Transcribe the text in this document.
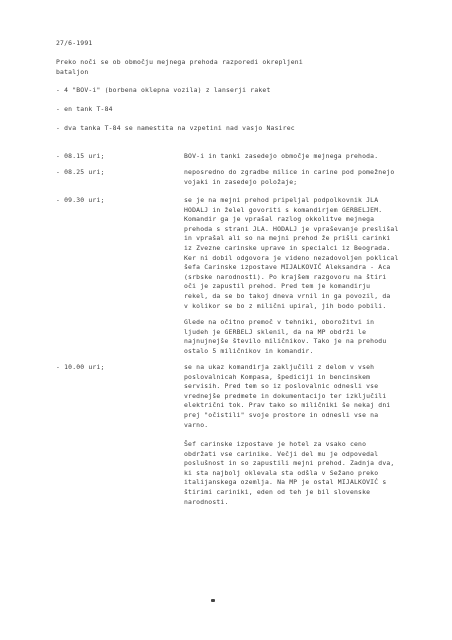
27/6-1991
Preko noči se ob območju mejnega prehoda razporedi okrepljeni
bataljon
- 4 "BOV-i" (borbena oklepna vozila) z lanserji raket
- en tank T-84
- dva tanka T-84 se namestita na vzpetini nad vasjo Nasirec
- 08.15 uri;	BOV-i in tanki zasedejo območje mejnega prehoda.
- 08.25 uri;	neposredno do zgradbe milice in carine pod pomežnejo
vojaki in zasedejo položaje;
- 09.30 uri;	se je na mejni prehod pripeljal podpolkovnik JLA
HODALJ in želel govoriti s komandirjem GERBELJEM.
Komandir ga je vprašal razlog okkolitve mejnega
prehoda s strani JLA. HODALJ je vpraševanje preslišal
in vprašal ali so na mejni prehod že prišli carinki
iz Zvezne carinske uprave in specialci iz Beograda.
Ker ni dobil odgovora je videno nezadovoljen poklical
šefa Carinske izpostave MIJALKOVIĆ Aleksandra - Aca
(srbske narodnosti). Po krajšem razgovoru na štiri
oči je zapustil prehod. Pred tem je komandirju
rekel, da se bo takoj dneva vrnil in ga povozil, da
v kolikor se bo z milični upiral, jih bodo pobili.
Glede na očitno premoč v tehniki, oborožitvi in
ljudeh je GERBELJ sklenil, da na MP obdrži le
najnujnejše število miličnikov. Tako je na prehodu
ostalo 5 miličnikov in komandir.
- 10.00 uri;	se na ukaz komandirja zaključili z delom v vseh
poslovalnicah Kompasa, špediciji in bencinskem
servisih. Pred tem so iz poslovalnic odnesli vse
vrednejše predmete in dokumentacijo ter izključili
električni tok. Prav tako so miličniki še nekaj dni
prej "očistili" svoje prostore in odnesli vse na
varno.
Šef carinske izpostave je hotel za vsako ceno
obdržati vse carinike. Večji del mu je odpovedal
poslušnost in so zapustili mejni prehod. Zadnja dva,
ki sta najbolj oklevala sta odšla v Sežano preko
italijanskega ozemlja. Na MP je ostal MIJALKOVIĆ s
štirimi cariniki, eden od teh je bil slovenske
narodnosti.
